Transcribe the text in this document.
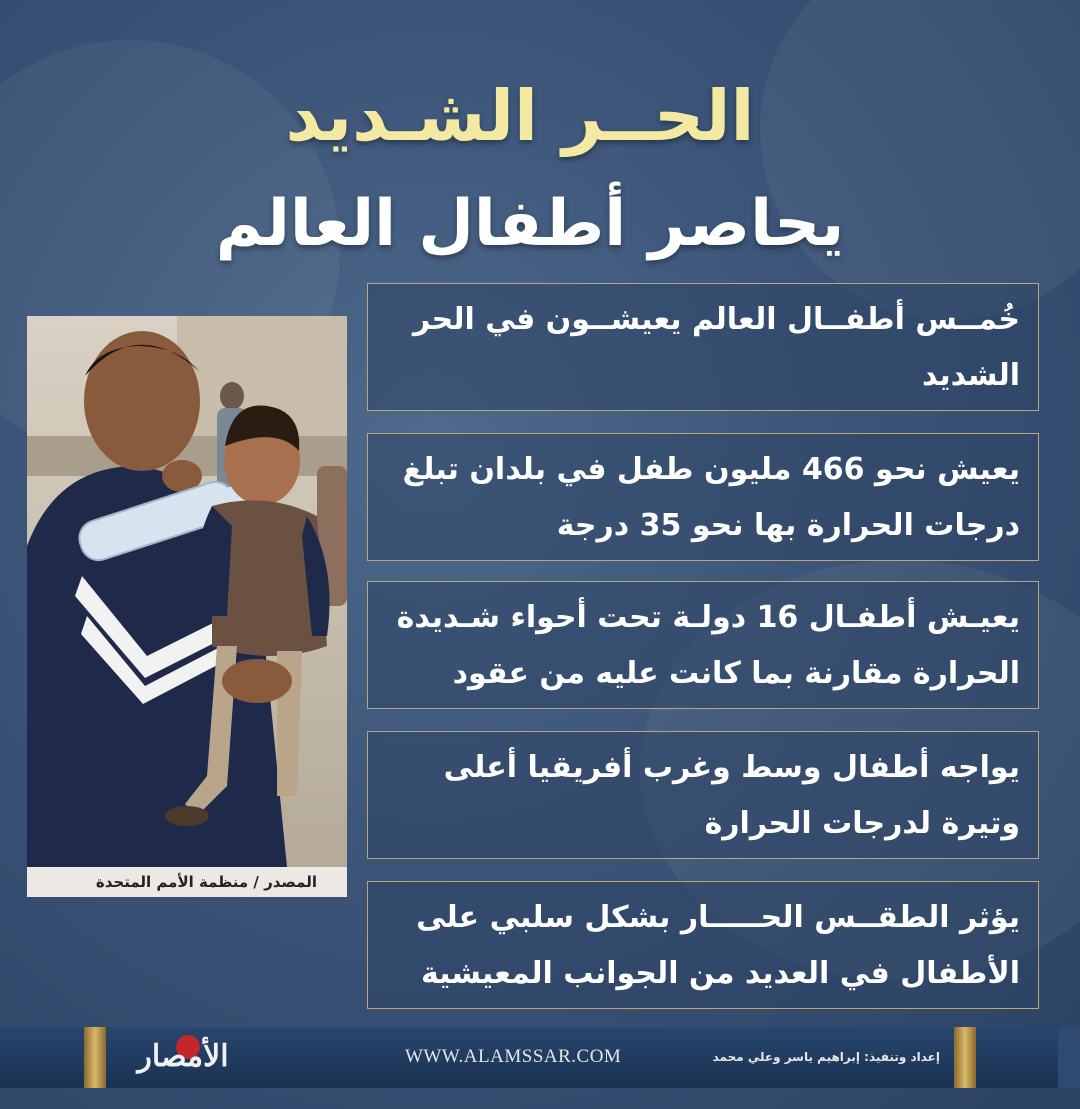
الحــر الشـديد
يحاصر أطفال العالم
المصدر / منظمة الأمم المتحدة
خُمــس أطفــال العالم يعيشــون في الحر الشديد
يعيش نحو 466 مليون طفل في بلدان تبلغ درجات الحرارة بها نحو 35 درجة
يعيـش أطفـال 16 دولـة تحت أحواء شـديدة الحرارة مقارنة بما كانت عليه من عقود
يواجه أطفال وسط وغرب أفريقيا أعلى وتيرة لدرجات الحرارة
يؤثر الطقــس الحـــــار بشكل سلبي على الأطفال في العديد من الجوانب المعيشية
الأمصار	WWW.ALAMSSAR.COM	إعداد وتنفيذ: إبراهيم ياسر وعلي محمد
